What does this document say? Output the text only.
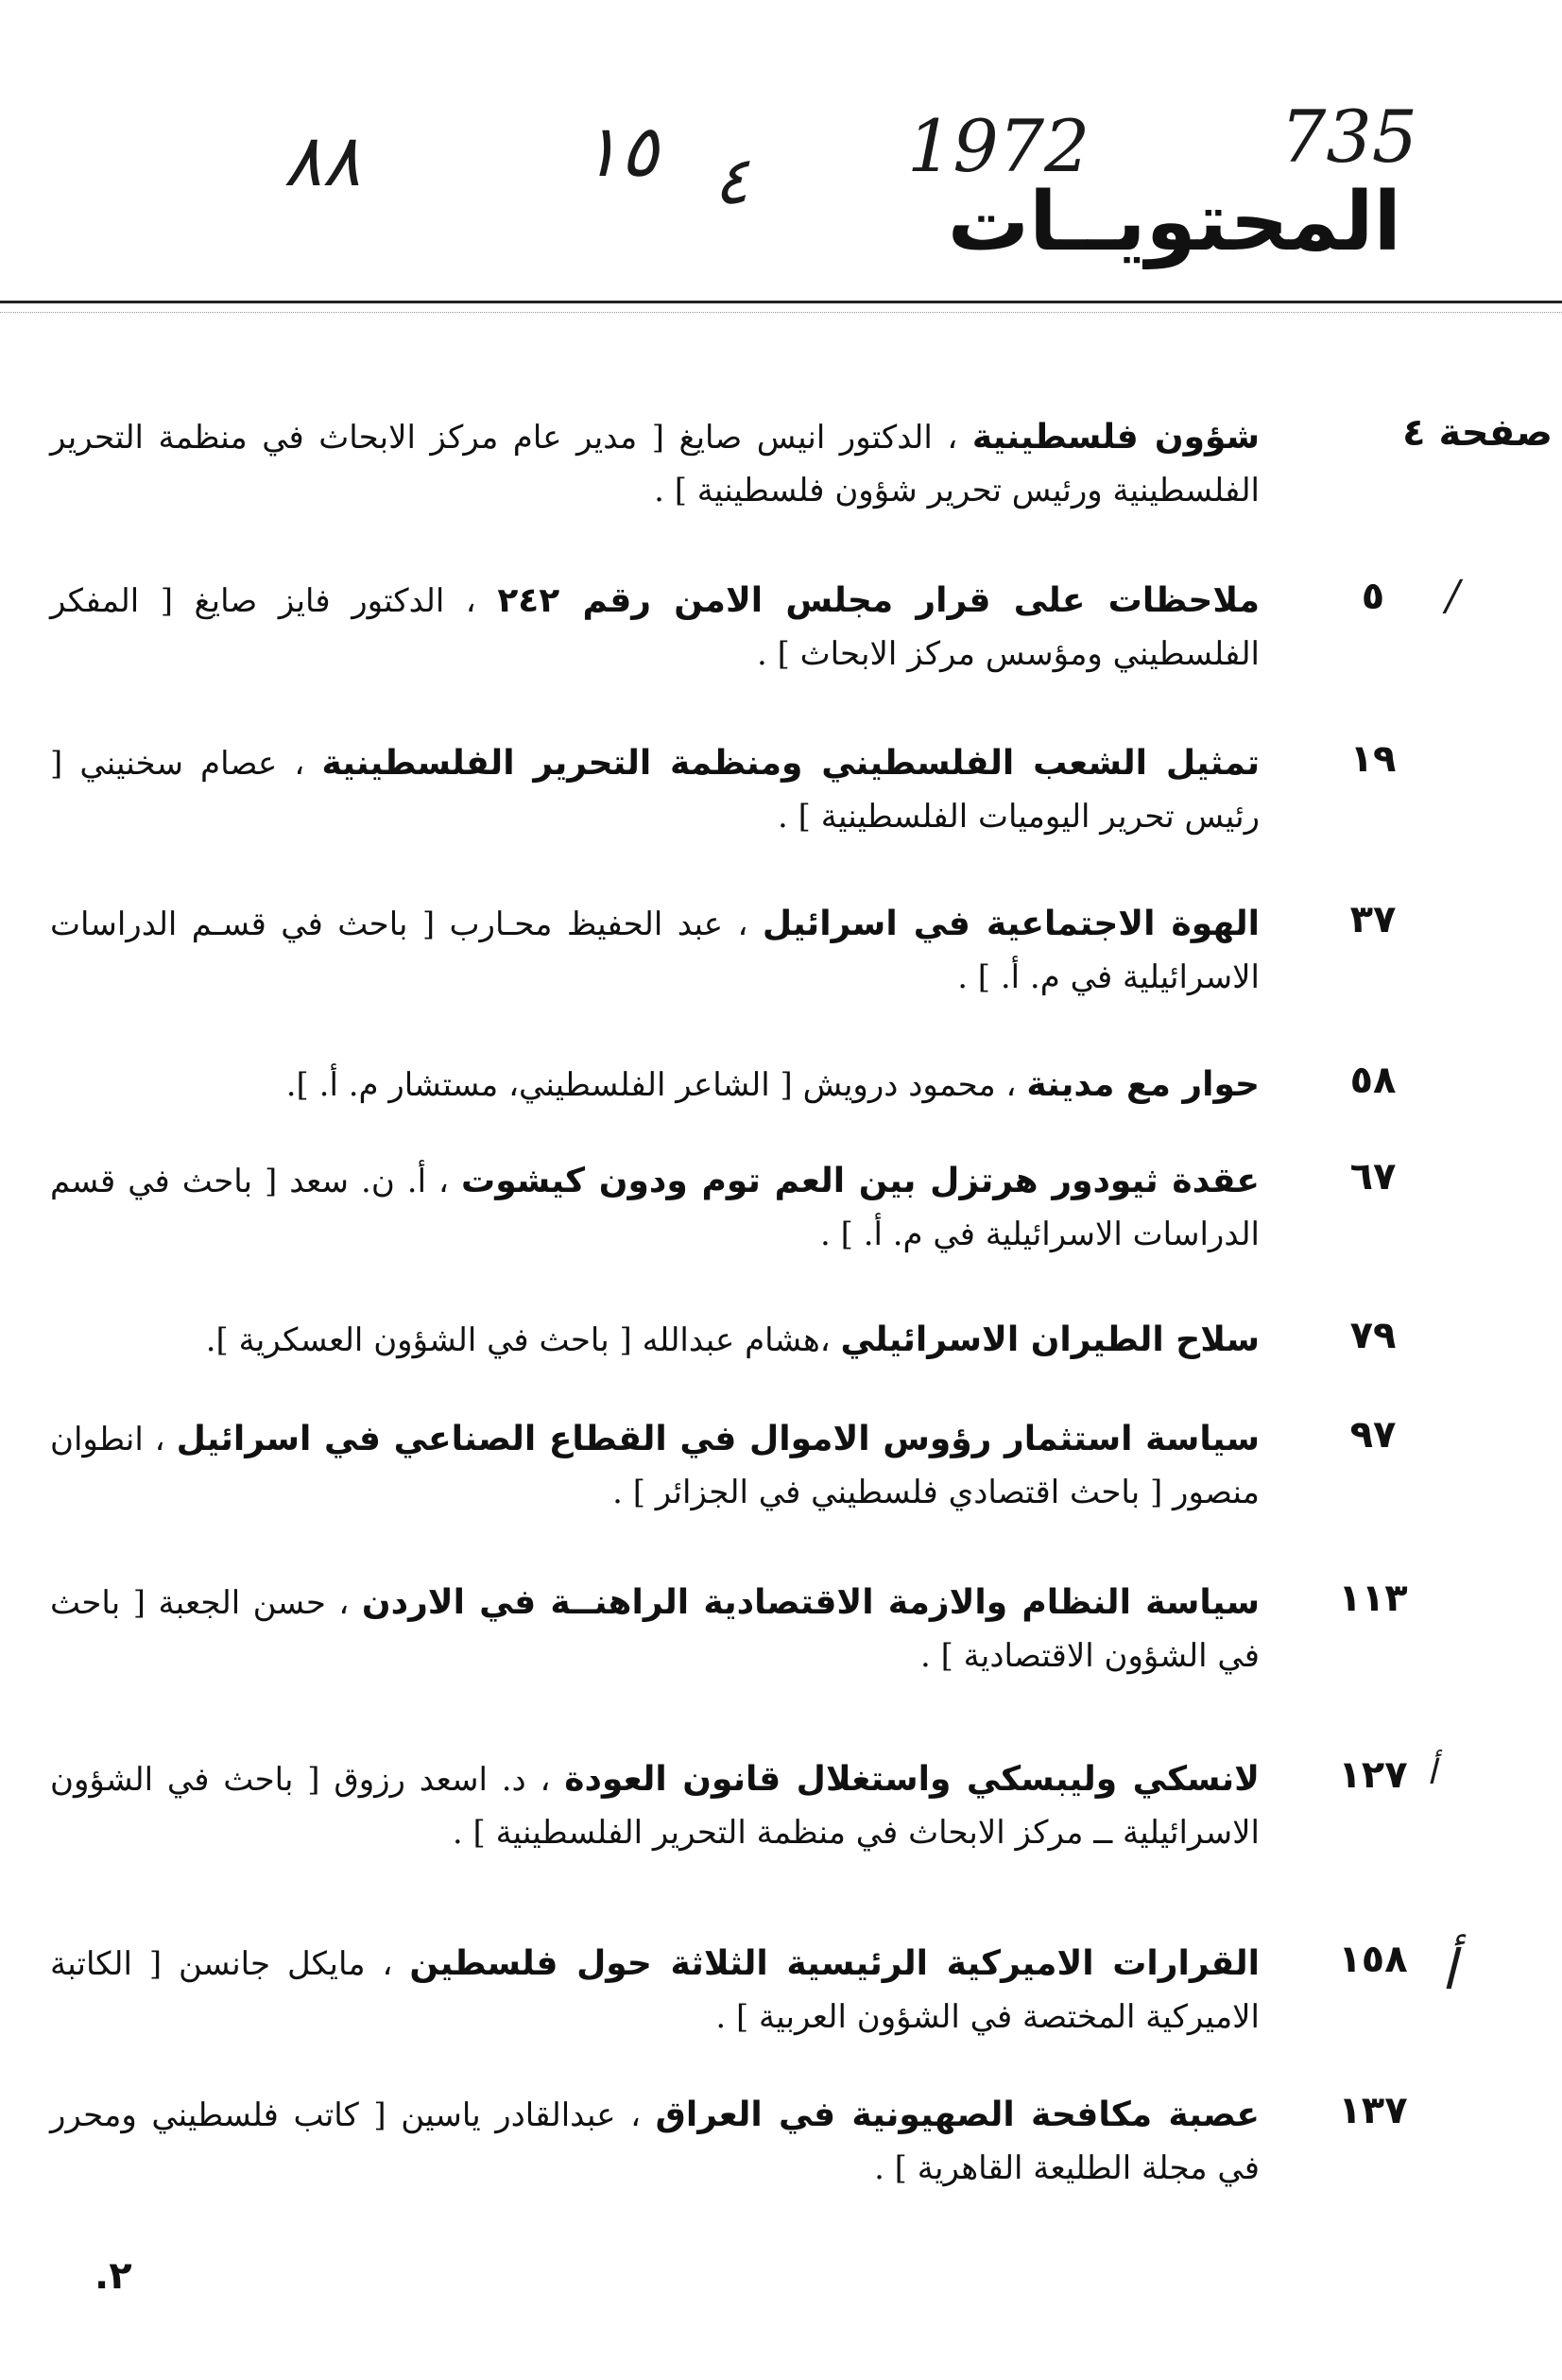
735
1972
٤
١٥
٨٨
المحتويــات
صفحة ٤
شؤون فلسطينية ، الدكتور انيس صايغ [ مدير عام مركز الابحاث في منظمة التحرير الفلسطينية ورئيس تحرير شؤون فلسطينية ] .
٥
ملاحظات على قرار مجلس الامن رقم ٢٤٢ ، الدكتور فايز صايغ [ المفكر الفلسطيني ومؤسس مركز الابحاث ] .
١٩
تمثيل الشعب الفلسطيني ومنظمة التحرير الفلسطينية ، عصام سخنيني [ رئيس تحرير اليوميات الفلسطينية ] .
٣٧
الهوة الاجتماعية في اسرائيل ، عبد الحفيظ محـارب [ باحث في قسـم الدراسات الاسرائيلية في م. أ. ] .
٥٨
حوار مع مدينة ، محمود درويش [ الشاعر الفلسطيني، مستشار م. أ. ].
٦٧
عقدة ثيودور هرتزل بين العم توم ودون كيشوت ، أ. ن. سعد [ باحث في قسم الدراسات الاسرائيلية في م. أ. ] .
٧٩
سلاح الطيران الاسرائيلي ،هشام عبدالله [ باحث في الشؤون العسكرية ].
٩٧
سياسة استثمار رؤوس الاموال في القطاع الصناعي في اسرائيل ، انطوان منصور [ باحث اقتصادي فلسطيني في الجزائر ] .
١١٣
سياسة النظام والازمة الاقتصادية الراهنــة في الاردن ، حسن الجعبة [ باحث في الشؤون الاقتصادية ] .
١٢٧
لانسكي وليبسكي واستغلال قانون العودة ، د. اسعد رزوق [ باحث في الشؤون الاسرائيلية ــ مركز الابحاث في منظمة التحرير الفلسطينية ] .
١٥٨
القرارات الاميركية الرئيسية الثلاثة حول فلسطين ، مايكل جانسن [ الكاتبة الاميركية المختصة في الشؤون العربية ] .
١٣٧
عصبة مكافحة الصهيونية في العراق ، عبدالقادر ياسين [ كاتب فلسطيني ومحرر في مجلة الطليعة القاهرية ] .
/
أ
أ
٢.
